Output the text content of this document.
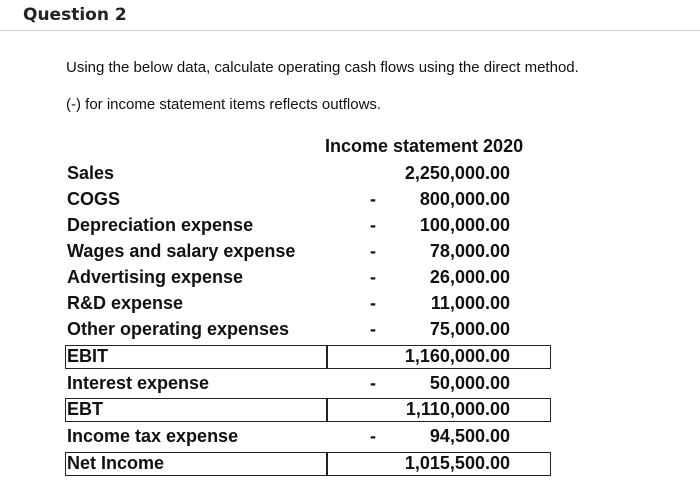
Question 2
Using the below data, calculate operating cash flows using the direct method.
(-) for income statement items reflects outflows.
Income statement 2020
Sales	2,250,000.00
COGS	- 800,000.00
Depreciation expense	- 100,000.00
Wages and salary expense	-	78,000.00
Advertising expense	-	26,000.00
R&D expense	-	11,000.00
Other operating expenses	-	75,000.00
EBIT	1,160,000.00
Interest expense	-	50,000.00
EBT	1,110,000.00
Income tax expense	-	94,500.00
Net Income	1,015,500.00
